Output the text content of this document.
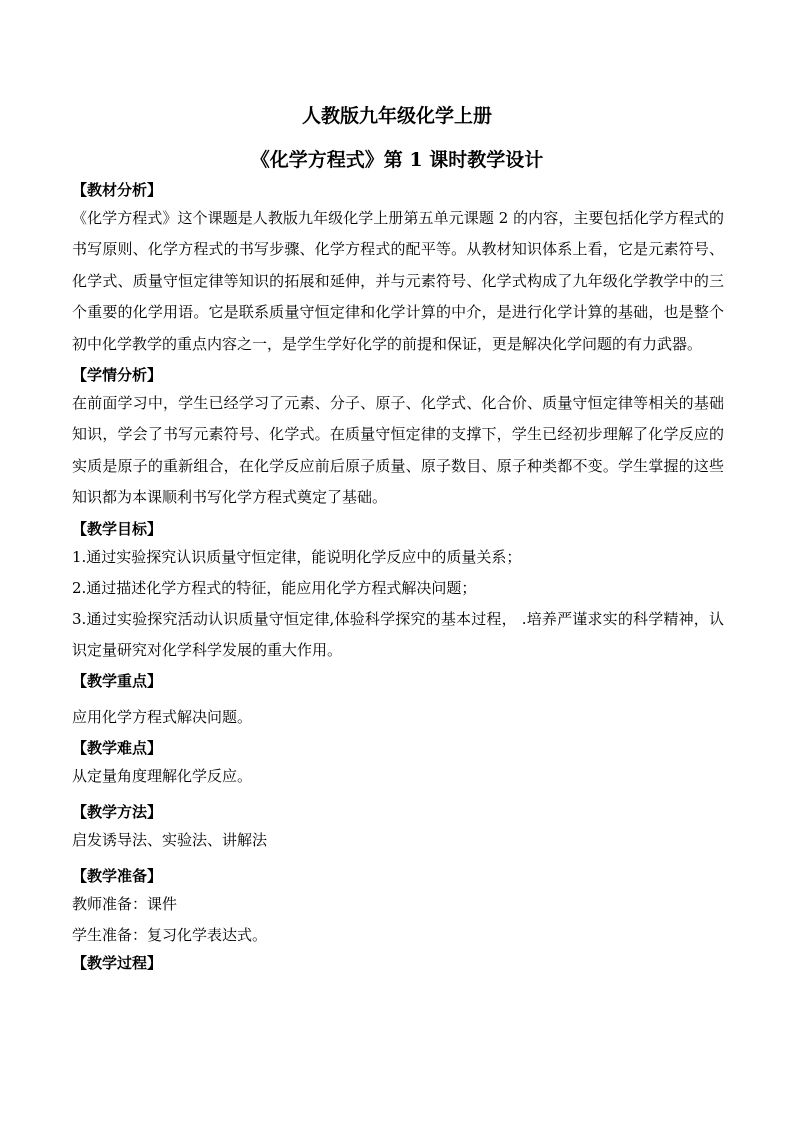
人教版九年级化学上册
《化学方程式》第 1 课时教学设计

【教材分析】

《化学方程式》这个课题是人教版九年级化学上册第五单元课题 2 的内容，主要包括化学方程式的书写原则、化学方程式的书写步骤、化学方程式的配平等。从教材知识体系上看，它是元素符号、化学式、质量守恒定律等知识的拓展和延伸，并与元素符号、化学式构成了九年级化学教学中的三个重要的化学用语。它是联系质量守恒定律和化学计算的中介，是进行化学计算的基础，也是整个初中化学教学的重点内容之一，是学生学好化学的前提和保证，更是解决化学问题的有力武器。

【学情分析】

在前面学习中，学生已经学习了元素、分子、原子、化学式、化合价、质量守恒定律等相关的基础知识，学会了书写元素符号、化学式。在质量守恒定律的支撑下，学生已经初步理解了化学反应的实质是原子的重新组合，在化学反应前后原子质量、原子数目、原子种类都不变。学生掌握的这些知识都为本课顺利书写化学方程式奠定了基础。

【教学目标】

1.通过实验探究认识质量守恒定律，能说明化学反应中的质量关系；

2.通过描述化学方程式的特征，能应用化学方程式解决问题；

3.通过实验探究活动认识质量守恒定律,体验科学探究的基本过程， .培养严谨求实的科学精神，认识定量研究对化学科学发展的重大作用。

【教学重点】

应用化学方程式解决问题。

【教学难点】

从定量角度理解化学反应。

【教学方法】

启发诱导法、实验法、讲解法

【教学准备】

教师准备：课件

学生准备：复习化学表达式。

【教学过程】
